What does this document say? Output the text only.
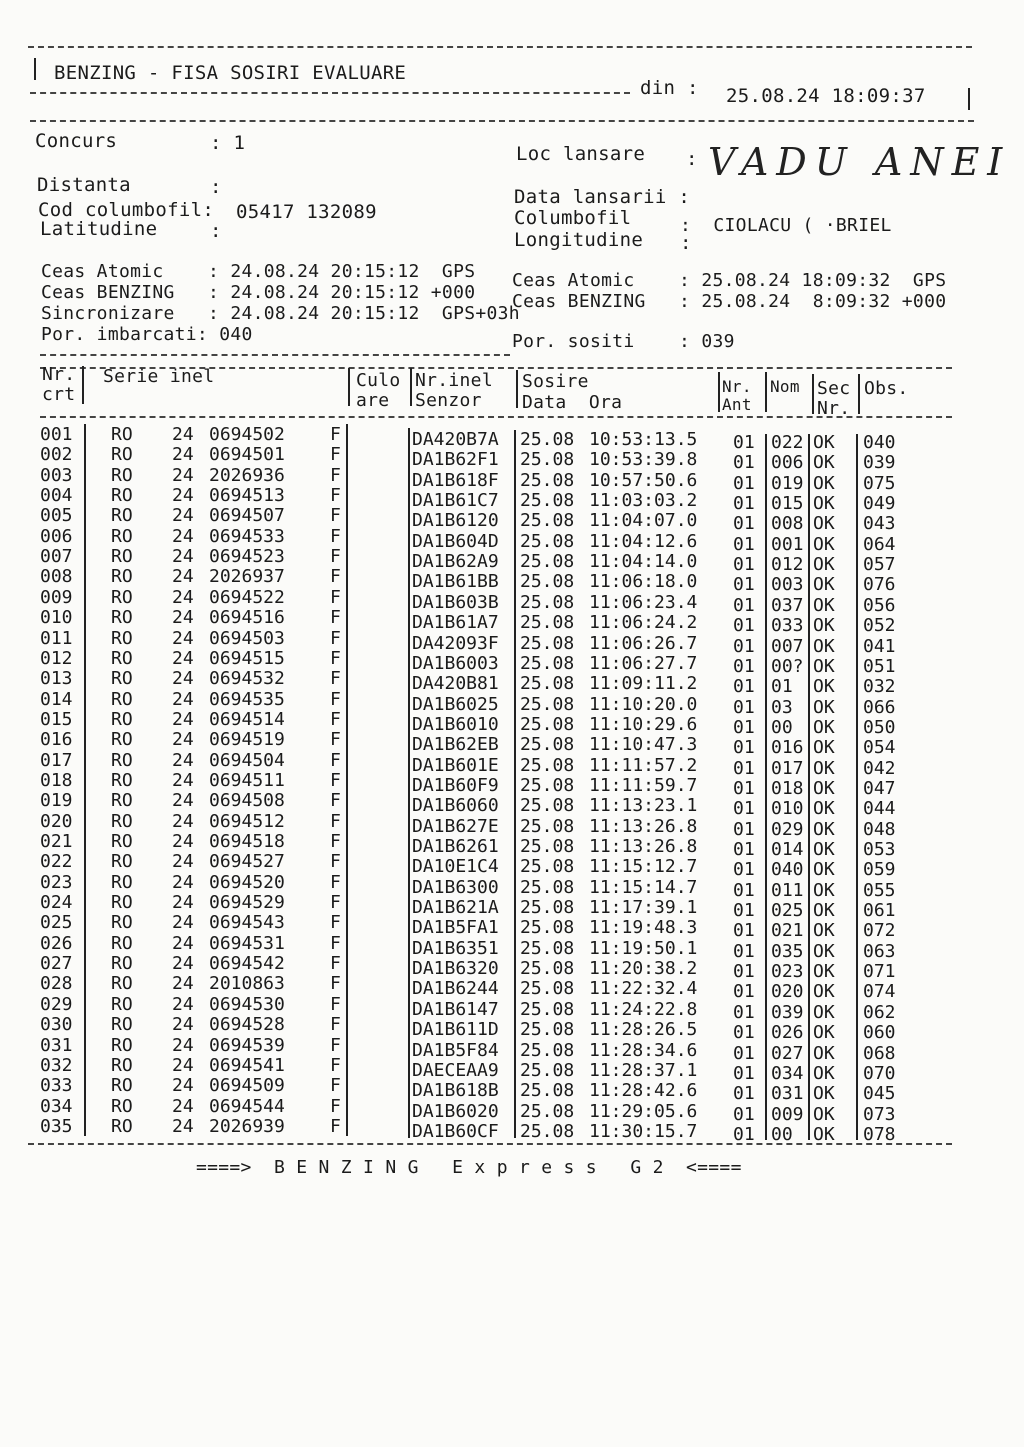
BENZING - FISA SOSIRI EVALUARE
din : 25.08.24 18:09:37
Concurs	: 1	Loc lansare : VADU ANEI
Distanta	:	Data lansarii :
Cod columbofil: 05417 132089	Columbofil	:  CIOLACU ( ·BRIEL
Latitudine	:	Longitudine :
Ceas Atomic    : 24.08.24 20:15:12  GPS
Ceas BENZING   : 24.08.24 20:15:12 +000
Sincronizare   : 24.08.24 20:15:12  GPS+03h
Por. imbarcati: 040
Ceas Atomic    : 25.08.24 18:09:32  GPS
Ceas BENZING   : 25.08.24  8:09:32 +000
Por. sositi    : 039
Nr.
crt
Serie inel	Culo
are
Nr.inel
Senzor
Sosire
Data  Ora
Nr.
Ant
Nom Sec
Nr.
Obs.
001 RO 24 0694502	F	DA420B7A 25.08 10:53:13.5 01 022 OK 040
002 RO 24 0694501	F	DA1B62F1 25.08 10:53:39.8 01 006 OK 039
003 RO 24 2026936	F	DA1B618F 25.08 10:57:50.6 01 019 OK 075
004 RO 24 0694513	F	DA1B61C7 25.08 11:03:03.2 01 015 OK 049
005 RO 24 0694507	F	DA1B6120 25.08 11:04:07.0 01 008 OK 043
006 RO 24 0694533	F	DA1B604D 25.08 11:04:12.6 01 001 OK 064
007 RO 24 0694523	F	DA1B62A9 25.08 11:04:14.0 01 012 OK 057
008 RO 24 2026937	F	DA1B61BB 25.08 11:06:18.0 01 003 OK 076
009 RO 24 0694522	F	DA1B603B 25.08 11:06:23.4 01 037 OK 056
010 RO 24 0694516	F	DA1B61A7 25.08 11:06:24.2 01 033 OK 052
011 RO 24 0694503	F	DA42093F 25.08 11:06:26.7 01 007 OK 041
012 RO 24 0694515	F	DA1B6003 25.08 11:06:27.7 01 00? OK 051
013 RO 24 0694532	F	DA420B81 25.08 11:09:11.2 01 01 OK 032
014 RO 24 0694535	F	DA1B6025 25.08 11:10:20.0 01 03 OK 066
015 RO 24 0694514	F	DA1B6010 25.08 11:10:29.6 01 00 OK 050
016 RO 24 0694519	F	DA1B62EB 25.08 11:10:47.3 01 016 OK 054
017 RO 24 0694504	F	DA1B601E 25.08 11:11:57.2 01 017 OK 042
018 RO 24 0694511	F	DA1B60F9 25.08 11:11:59.7 01 018 OK 047
019 RO 24 0694508	F	DA1B6060 25.08 11:13:23.1 01 010 OK 044
020 RO 24 0694512	F	DA1B627E 25.08 11:13:26.8 01 029 OK 048
021 RO 24 0694518	F	DA1B6261 25.08 11:13:26.8 01 014 OK 053
022 RO 24 0694527	F	DA10E1C4 25.08 11:15:12.7 01 040 OK 059
023 RO 24 0694520	F	DA1B6300 25.08 11:15:14.7 01 011 OK 055
024 RO 24 0694529	F	DA1B621A 25.08 11:17:39.1 01 025 OK 061
025 RO 24 0694543	F	DA1B5FA1 25.08 11:19:48.3 01 021 OK 072
026 RO 24 0694531	F	DA1B6351 25.08 11:19:50.1 01 035 OK 063
027 RO 24 0694542	F	DA1B6320 25.08 11:20:38.2 01 023 OK 071
028 RO 24 2010863	F	DA1B6244 25.08 11:22:32.4 01 020 OK 074
029 RO 24 0694530	F	DA1B6147 25.08 11:24:22.8 01 039 OK 062
030 RO 24 0694528	F	DA1B611D 25.08 11:28:26.5 01 026 OK 060
031 RO 24 0694539	F	DA1B5F84 25.08 11:28:34.6 01 027 OK 068
032 RO 24 0694541	F	DAECEAA9 25.08 11:28:37.1 01 034 OK 070
033 RO 24 0694509	F	DA1B618B 25.08 11:28:42.6 01 031 OK 045
034 RO 24 0694544	F	DA1B6020 25.08 11:29:05.6 01 009 OK 073
035 RO 24 2026939	F	DA1B60CF 25.08 11:30:15.7 01 00 OK 078
====>  B E N Z I N G   E x p r e s s   G 2  <====
